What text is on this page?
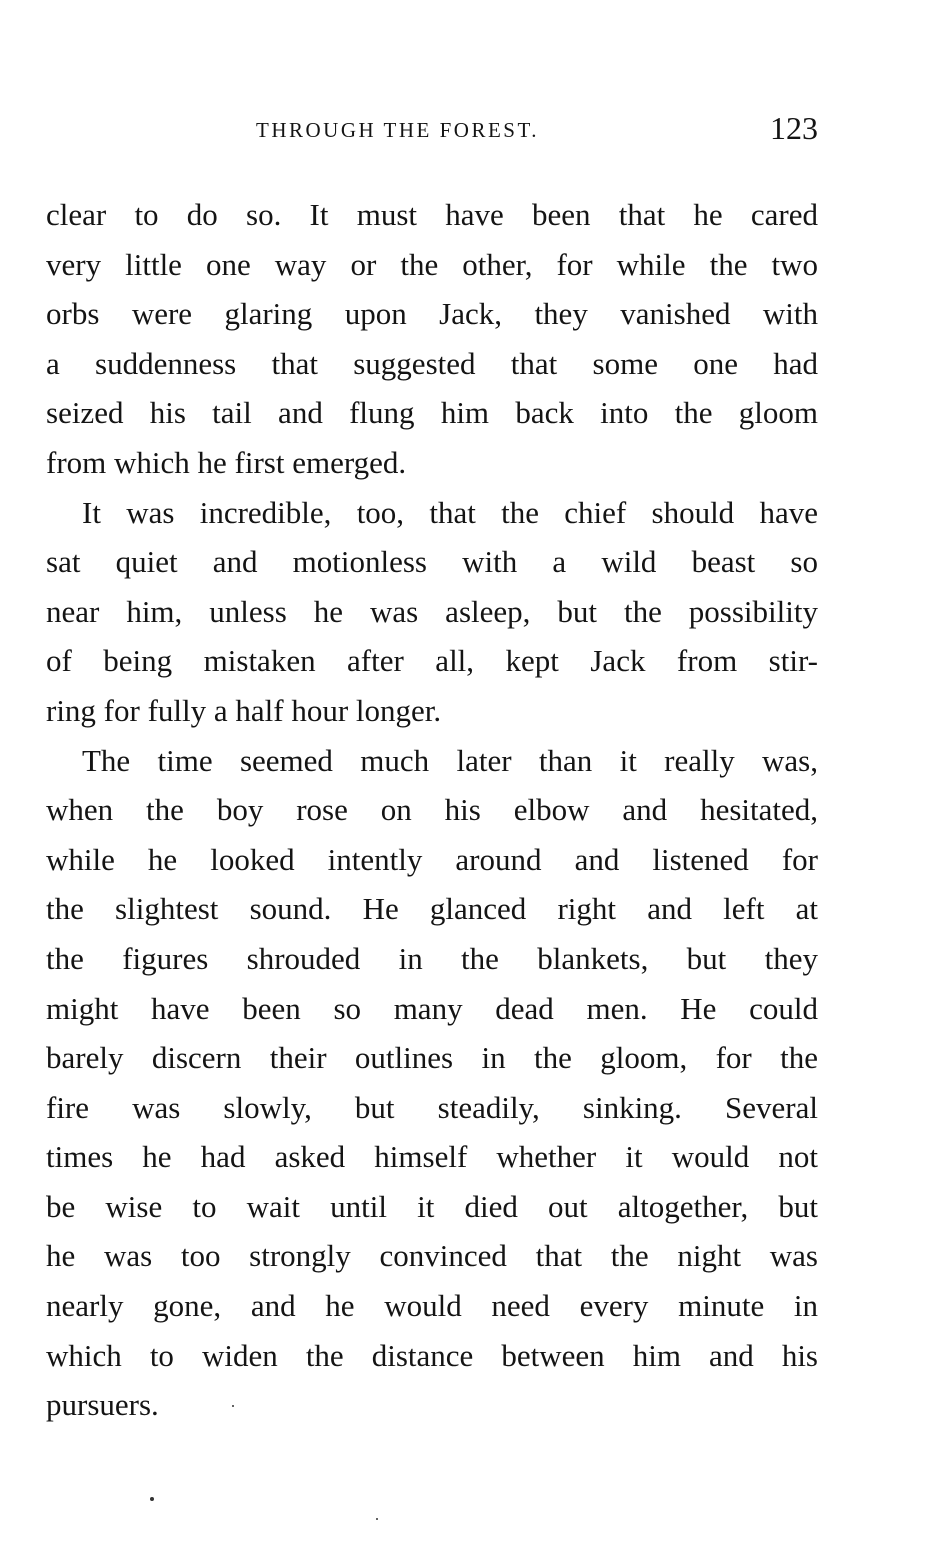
THROUGH THE FOREST.	123
clear to do so. It must have been that he cared
very little one way or the other, for while the two
orbs were glaring upon Jack, they vanished with
a suddenness that suggested that some one had
seized his tail and flung him back into the gloom
from which he first emerged.
It was incredible, too, that the chief should have
sat quiet and motionless with a wild beast so
near him, unless he was asleep, but the possibility
of being mistaken after all, kept Jack from stir-
ring for fully a half hour longer.
The time seemed much later than it really was,
when the boy rose on his elbow and hesitated,
while he looked intently around and listened for
the slightest sound. He glanced right and left at
the figures shrouded in the blankets, but they
might have been so many dead men. He could
barely discern their outlines in the gloom, for the
fire was slowly, but steadily, sinking. Several
times he had asked himself whether it would not
be wise to wait until it died out altogether, but
he was too strongly convinced that the night was
nearly gone, and he would need every minute in
which to widen the distance between him and his
pursuers.
